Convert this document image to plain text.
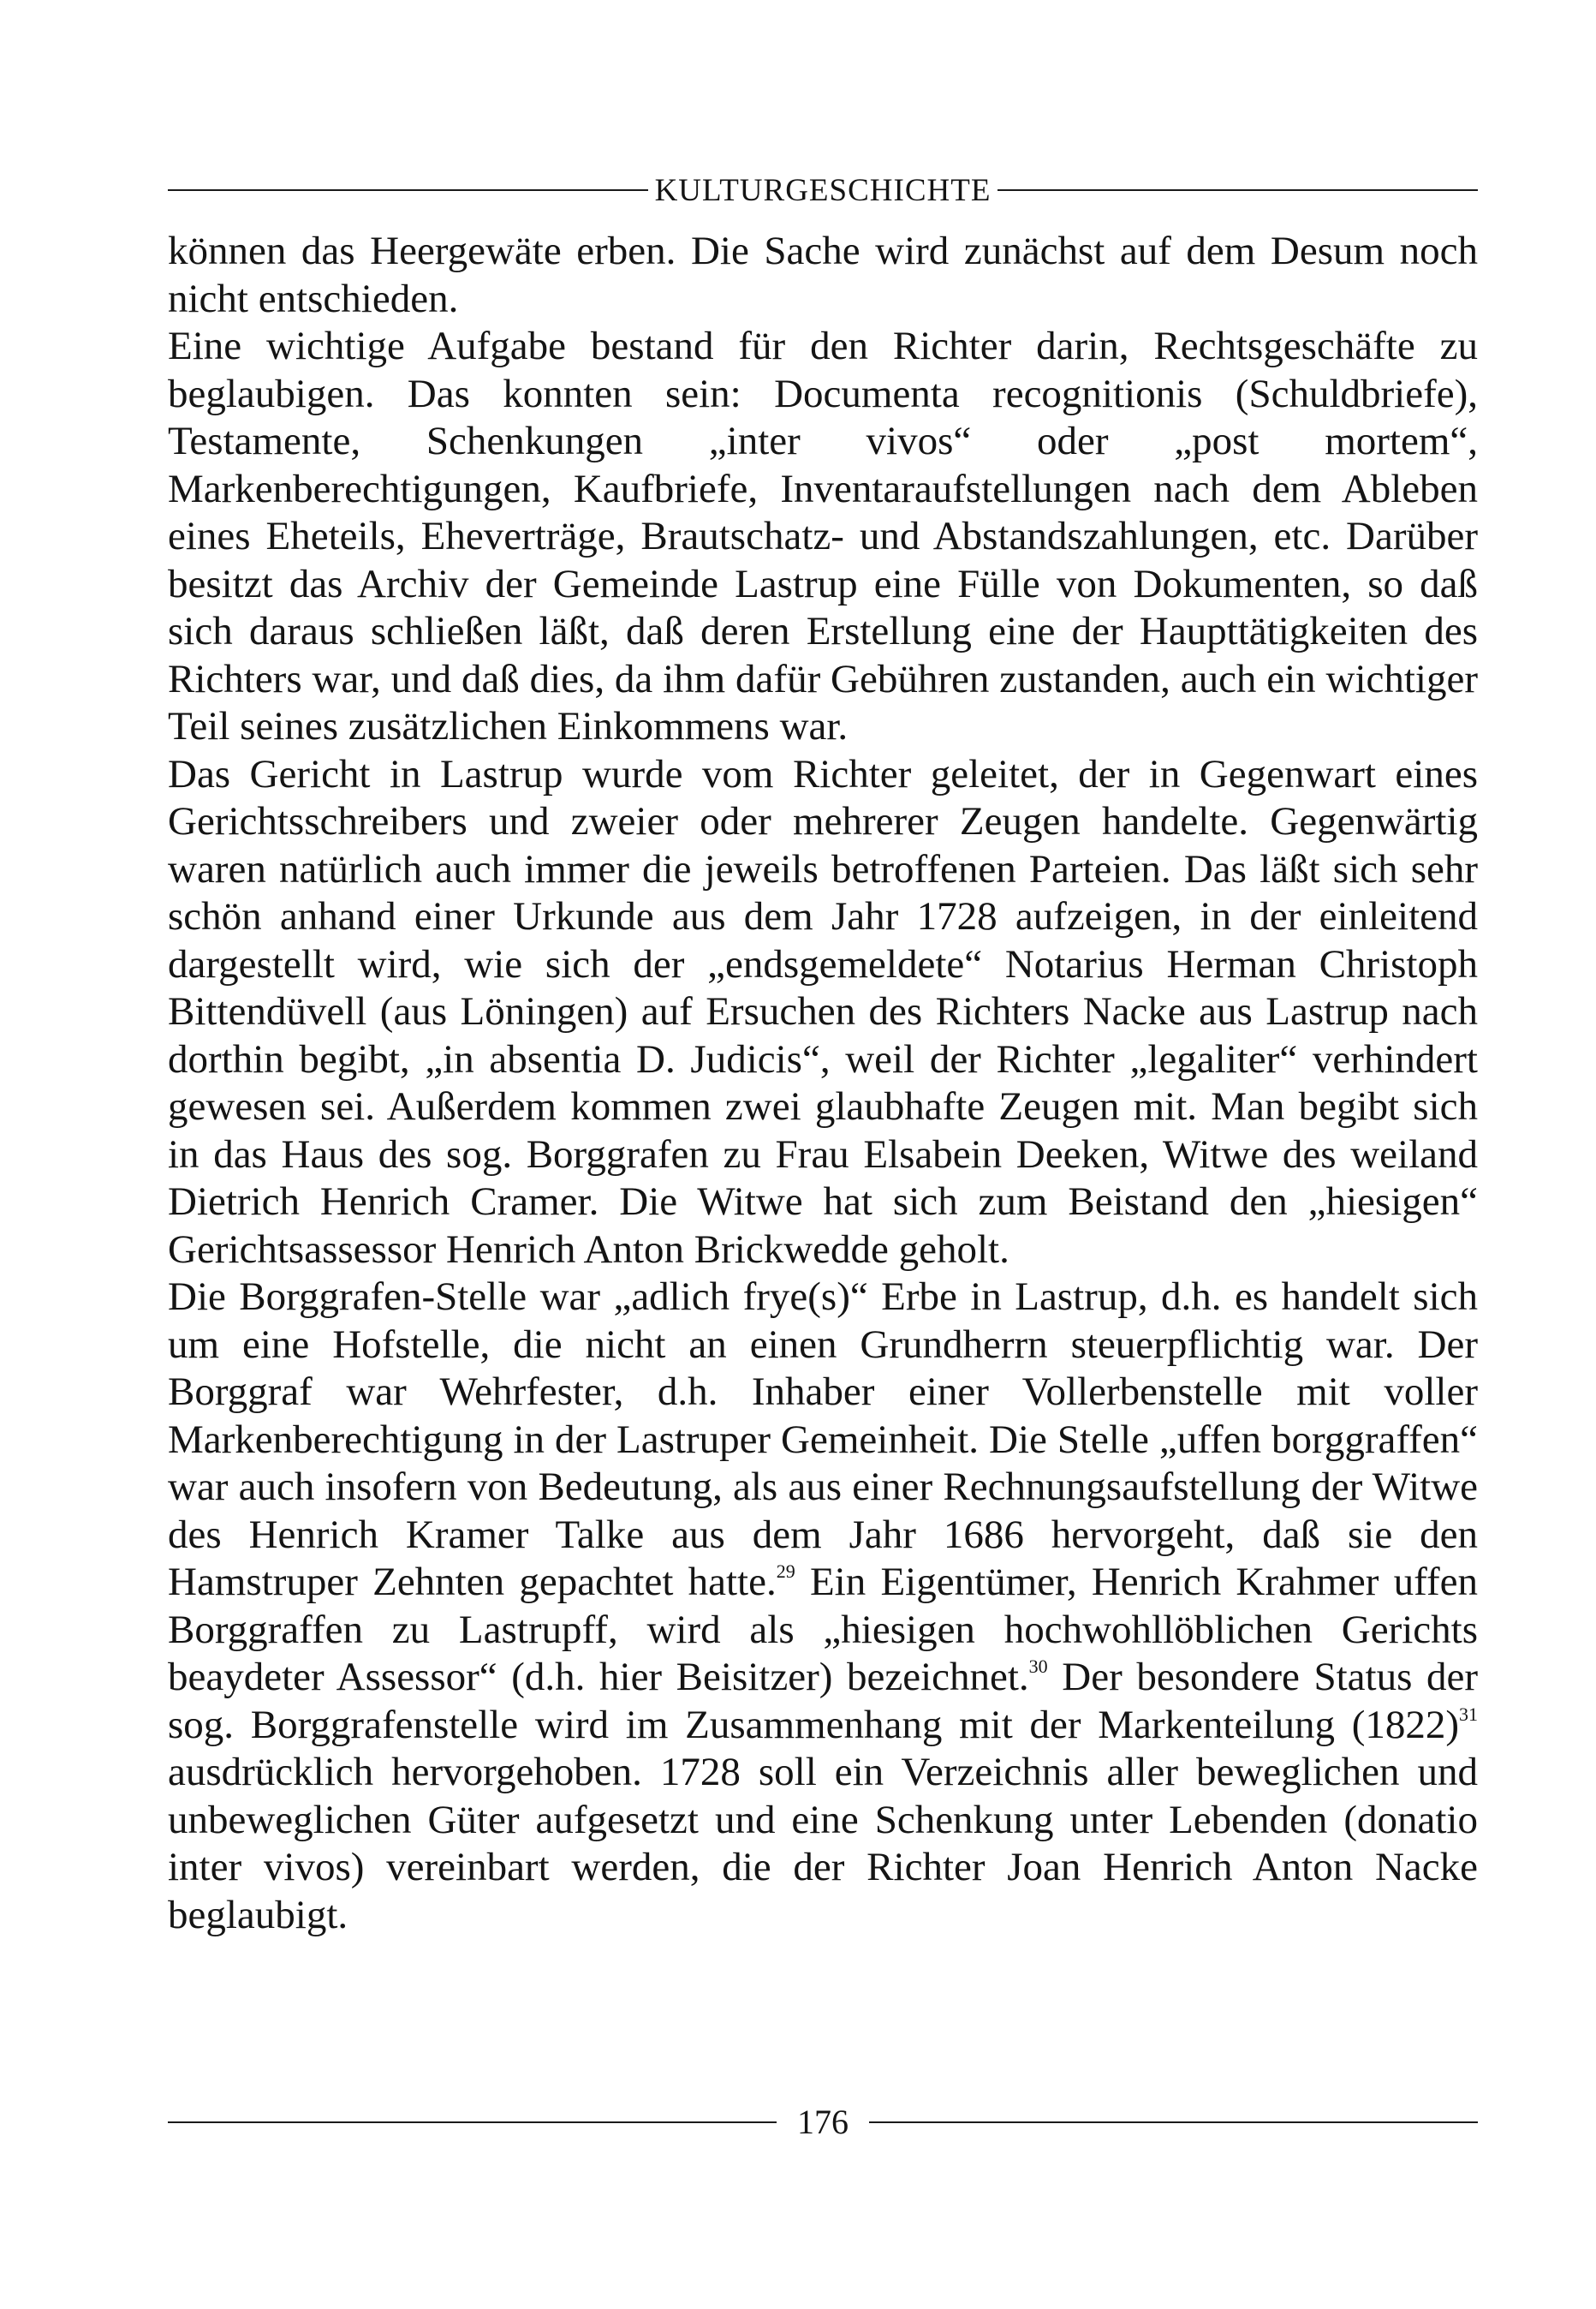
KULTURGESCHICHTE

können das Heergewäte erben. Die Sache wird zunächst auf dem Desum noch nicht entschieden.

Eine wichtige Aufgabe bestand für den Richter darin, Rechtsgeschäfte zu beglaubigen. Das konnten sein: Documenta recognitionis (Schuldbriefe), Testamente, Schenkungen „inter vivos“ oder „post mortem“, Markenberechtigungen, Kaufbriefe, Inventaraufstellungen nach dem Ableben eines Eheteils, Eheverträge, Brautschatz- und Abstandszahlungen, etc. Darüber besitzt das Archiv der Gemeinde Lastrup eine Fülle von Dokumenten, so daß sich daraus schließen läßt, daß deren Erstellung eine der Haupttätigkeiten des Richters war, und daß dies, da ihm dafür Gebühren zustanden, auch ein wichtiger Teil seines zusätzlichen Einkommens war.

Das Gericht in Lastrup wurde vom Richter geleitet, der in Gegenwart eines Gerichtsschreibers und zweier oder mehrerer Zeugen handelte. Gegenwärtig waren natürlich auch immer die jeweils betroffenen Parteien. Das läßt sich sehr schön anhand einer Urkunde aus dem Jahr 1728 aufzeigen, in der einleitend dargestellt wird, wie sich der „endsgemeldete“ Notarius Herman Christoph Bittendüvell (aus Löningen) auf Ersuchen des Richters Nacke aus Lastrup nach dorthin begibt, „in absentia D. Judicis“, weil der Richter „legaliter“ verhindert gewesen sei. Außerdem kommen zwei glaubhafte Zeugen mit. Man begibt sich in das Haus des sog. Borggrafen zu Frau Elsabein Deeken, Witwe des weiland Dietrich Henrich Cramer. Die Witwe hat sich zum Beistand den „hiesigen“ Gerichtsassessor Henrich Anton Brickwedde geholt.

Die Borggrafen-Stelle war „adlich frye(s)“ Erbe in Lastrup, d.h. es handelt sich um eine Hofstelle, die nicht an einen Grundherrn steuerpflichtig war. Der Borggraf war Wehrfester, d.h. Inhaber einer Vollerbenstelle mit voller Markenberechtigung in der Lastruper Gemeinheit. Die Stelle „uffen borggraffen“ war auch insofern von Bedeutung, als aus einer Rechnungsaufstellung der Witwe des Henrich Kramer Talke aus dem Jahr 1686 hervorgeht, daß sie den Hamstruper Zehnten gepachtet hatte.$^{29}$ Ein Eigentümer, Henrich Krahmer uffen Borggraffen zu Lastrupff, wird als „hiesigen hochwohllöblichen Gerichts beaydeter Assessor“ (d.h. hier Beisitzer) bezeichnet.$^{30}$ Der besondere Status der sog. Borggrafenstelle wird im Zusammenhang mit der Markenteilung $(1822)^{31}$ ausdrücklich hervorgehoben. 1728 soll ein Verzeichnis aller beweglichen und unbeweglichen Güter aufgesetzt und eine Schenkung unter Lebenden (donatio inter vivos) vereinbart werden, die der Richter Joan Henrich Anton Nacke beglaubigt.

176
